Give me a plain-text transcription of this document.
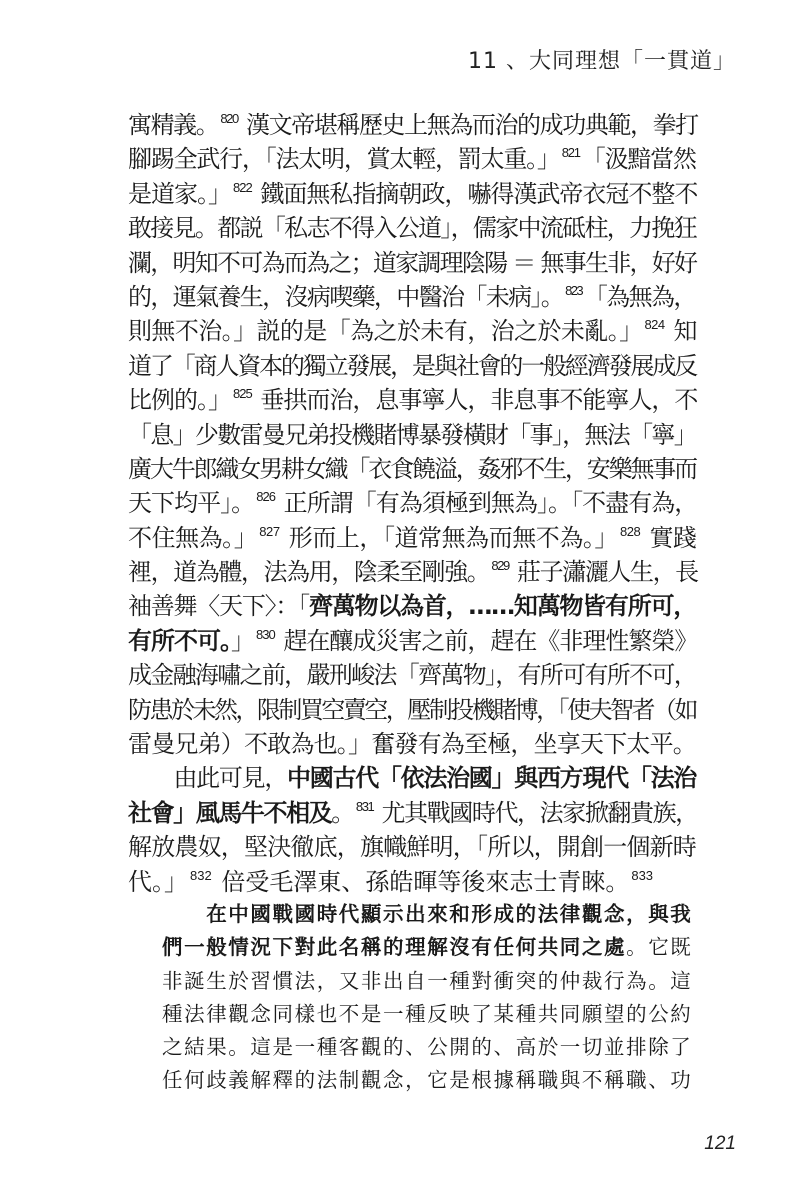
11 、大同理想「一貫道」
寓精義。 $^{820}$ 漢文帝堪稱歷史上無為而治的成功典範，拳打
腳踢全武行，「法太明，賞太輕，罰太重。」 $^{821}$「汲黯當然
是道家。」 $^{822}$ 鐵面無私指摘朝政，嚇得漢武帝衣冠不整不
敢接見。都説「私志不得入公道」，儒家中流砥柱，力挽狂
瀾，明知不可為而為之；道家調理陰陽 ＝ 無事生非，好好
的，運氣養生，沒病喫藥，中醫治「未病」。 $^{823}$「為無為，
則無不治。」説的是「為之於未有，治之於未亂。」 $^{824}$ 知
道了「商人資本的獨立發展，是與社會的一般經濟發展成反
比例的。」 $^{825}$ 垂拱而治，息事寧人，非息事不能寧人，不
「息」少數雷曼兄弟投機賭博暴發橫財「事」，無法「寧」
廣大牛郎織女男耕女織「衣食饒溢，姦邪不生，安樂無事而
天下均平」。 $^{826}$ 正所謂「有為須極到無為」。「不盡有為，
不住無為。」 $^{827}$ 形而上，「道常無為而無不為。」 $^{828}$ 實踐
裡，道為體，法為用，陰柔至剛強。 $^{829}$ 莊子瀟灑人生，長
袖善舞〈天下〉：「齊萬物以為首，……知萬物皆有所可，
有所不可。」 $^{830}$ 趕在釀成災害之前，趕在《非理性繁榮》
成金融海嘯之前，嚴刑峻法「齊萬物」，有所可有所不可，
防患於未然，限制買空賣空，壓制投機賭博，「使夫智者（如
雷曼兄弟）不敢為也。」奮發有為至極，坐享天下太平。
　　由此可見，中國古代「依法治國」與西方現代「法治
社會」風馬牛不相及。 $^{831}$ 尤其戰國時代，法家掀翻貴族，
解放農奴，堅決徹底，旗幟鮮明，「所以，開創一個新時
代。」 $^{832}$ 倍受毛澤東、孫皓暉等後來志士青睞。 $^{833}$
　　在中國戰國時代顯示出來和形成的法律觀念，與我
們一般情況下對此名稱的理解沒有任何共同之處。它既
非誕生於習慣法，又非出自一種對衝突的仲裁行為。這
種法律觀念同樣也不是一種反映了某種共同願望的公約
之結果。這是一種客觀的、公開的、高於一切並排除了
任何歧義解釋的法制觀念，它是根據稱職與不稱職、功
121
